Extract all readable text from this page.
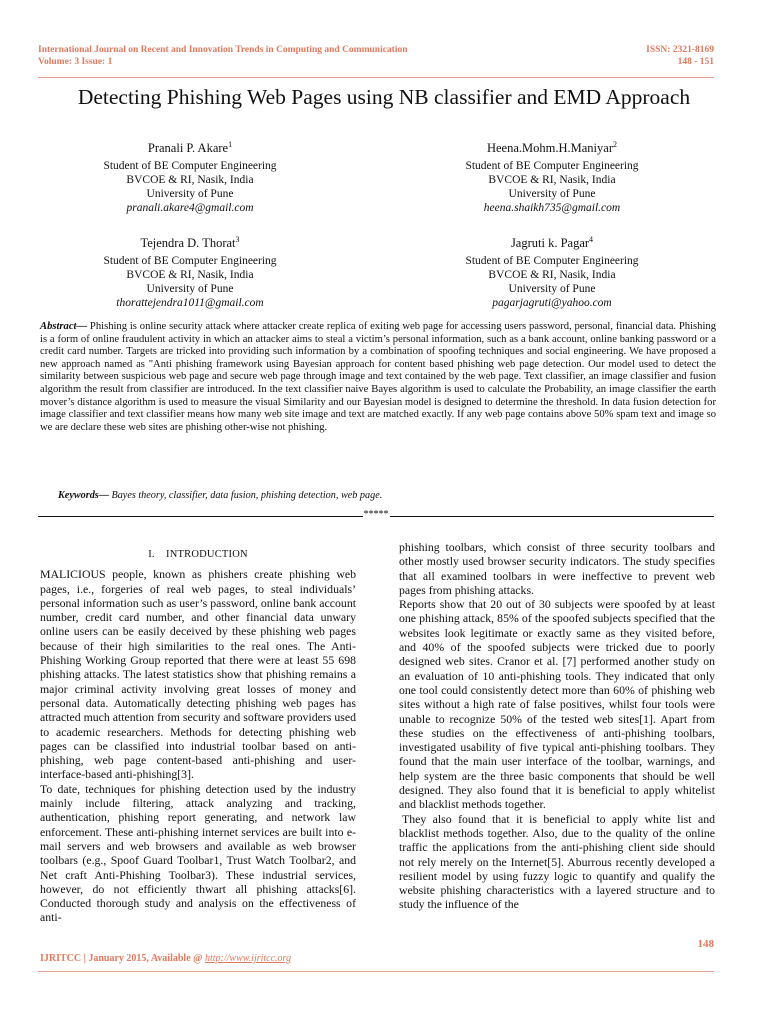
International Journal on Recent and Innovation Trends in Computing and Communication
Volume: 3 Issue: 1
ISSN: 2321-8169
148 - 151
Detecting Phishing Web Pages using NB classifier and EMD Approach
Pranali P. Akare$^1$
Student of BE Computer Engineering
BVCOE & RI, Nasik, India
University of Pune
pranali.akare4@gmail.com
Heena.Mohm.H.Maniyar$^2$
Student of BE Computer Engineering
BVCOE & RI, Nasik, India
University of Pune
heena.shaikh735@gmail.com
Tejendra D. Thorat$^3$
Student of BE Computer Engineering
BVCOE & RI, Nasik, India
University of Pune
thorattejendra1011@gmail.com
Jagruti k. Pagar$^4$
Student of BE Computer Engineering
BVCOE & RI, Nasik, India
University of Pune
pagarjagruti@yahoo.com
Abstract— Phishing is online security attack where attacker create replica of exiting web page for accessing users password, personal, financial data. Phishing is a form of online fraudulent activity in which an attacker aims to steal a victim’s personal information, such as a bank account, online banking password or a credit card number. Targets are tricked into providing such information by a combination of spoofing techniques and social engineering. We have proposed a new approach named as "Anti phishing framework using Bayesian approach for content based phishing web page detection. Our model used to detect the similarity between suspicious web page and secure web page through image and text contained by the web page. Text classifier, an image classifier and fusion algorithm the result from classifier are introduced. In the text classifier naive Bayes algorithm is used to calculate the Probability, an image classifier the earth mover’s distance algorithm is used to measure the visual Similarity and our Bayesian model is designed to determine the threshold. In data fusion detection for image classifier and text classifier means how many web site image and text are matched exactly. If any web page contains above 50% spam text and image so we are declare these web sites are phishing other-wise not phishing.
Keywords— Bayes theory, classifier, data fusion, phishing detection, web page.
*****
I. INTRODUCTION

MALICIOUS people, known as phishers create phishing web pages, i.e., forgeries of real web pages, to steal individuals’ personal information such as user’s password, online bank account number, credit card number, and other financial data unwary online users can be easily deceived by these phishing web pages because of their high similarities to the real ones. The Anti-Phishing Working Group reported that there were at least 55 698 phishing attacks. The latest statistics show that phishing remains a major criminal activity involving great losses of money and personal data. Automatically detecting phishing web pages has attracted much attention from security and software providers used to academic researchers. Methods for detecting phishing web pages can be classified into industrial toolbar based on anti-phishing, web page content-based anti-phishing and user-interface-based anti-phishing[3].

To date, techniques for phishing detection used by the industry mainly include filtering, attack analyzing and tracking, authentication, phishing report generating, and network law enforcement. These anti-phishing internet services are built into e-mail servers and web browsers and available as web browser toolbars (e.g., Spoof Guard Toolbar1, Trust Watch Toolbar2, and Net craft Anti-Phishing Toolbar3). These industrial services, however, do not efficiently thwart all phishing attacks[6]. Conducted thorough study and analysis on the effectiveness of anti-

phishing toolbars, which consist of three security toolbars and other mostly used browser security indicators. The study specifies that all examined toolbars in were ineffective to prevent web pages from phishing attacks.

Reports show that 20 out of 30 subjects were spoofed by at least one phishing attack, 85% of the spoofed subjects specified that the websites look legitimate or exactly same as they visited before, and 40% of the spoofed subjects were tricked due to poorly designed web sites. Cranor et al. [7] performed another study on an evaluation of 10 anti-phishing tools. They indicated that only one tool could consistently detect more than 60% of phishing web sites without a high rate of false positives, whilst four tools were unable to recognize 50% of the tested web sites[1]. Apart from these studies on the effectiveness of anti-phishing toolbars, investigated usability of five typical anti-phishing toolbars. They found that the main user interface of the toolbar, warnings, and help system are the three basic components that should be well designed. They also found that it is beneficial to apply whitelist and blacklist methods together.

They also found that it is beneficial to apply white list and blacklist methods together. Also, due to the quality of the online traffic the applications from the anti-phishing client side should not rely merely on the Internet[5]. Aburrous recently developed a resilient model by using fuzzy logic to quantify and qualify the website phishing characteristics with a layered structure and to study the influence of the

148
IJRITCC | January 2015, Available @ http://www.ijritcc.org
